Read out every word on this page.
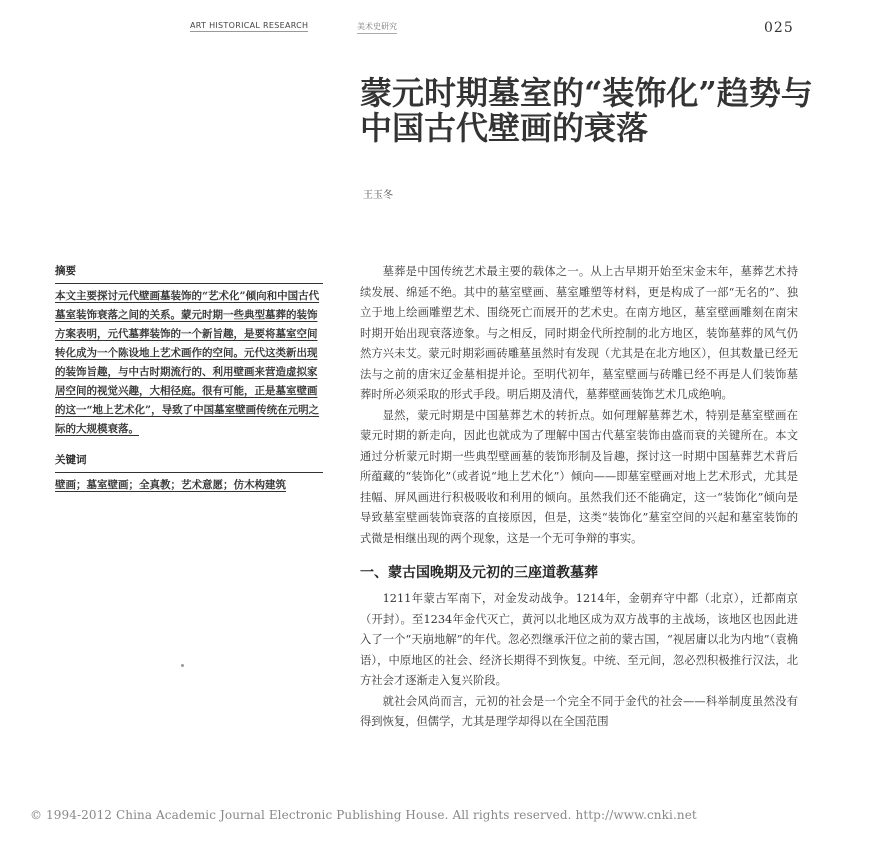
ART HISTORICAL RESEARCH	美术史研究	025
蒙元时期墓室的“装饰化”趋势与中国古代壁画的衰落
王玉冬
摘要

本文主要探讨元代壁画墓装饰的“艺术化”倾向和中国古代墓室装饰衰落之间的关系。蒙元时期一些典型墓葬的装饰方案表明，元代墓葬装饰的一个新旨趣，是要将墓室空间转化成为一个陈设地上艺术画作的空间。元代这类新出现的装饰旨趣，与中古时期流行的、利用壁画来营造虚拟家居空间的视觉兴趣，大相径庭。很有可能，正是墓室壁画的这一“地上艺术化”，导致了中国墓室壁画传统在元明之际的大规模衰落。

关键词

壁画；墓室壁画；全真教；艺术意愿；仿木构建筑

墓葬是中国传统艺术最主要的载体之一。从上古早期开始至宋金末年，墓葬艺术持续发展、绵延不绝。其中的墓室壁画、墓室雕塑等材料，更是构成了一部“无名的”、独立于地上绘画雕塑艺术、围绕死亡而展开的艺术史。在南方地区，墓室壁画雕刻在南宋时期开始出现衰落迹象。与之相反，同时期金代所控制的北方地区，装饰墓葬的风气仍然方兴未艾。蒙元时期彩画砖雕墓虽然时有发现（尤其是在北方地区），但其数量已经无法与之前的唐宋辽金墓相提并论。至明代初年，墓室壁画与砖雕已经不再是人们装饰墓葬时所必须采取的形式手段。明后期及清代，墓葬壁画装饰艺术几成绝响。

显然，蒙元时期是中国墓葬艺术的转折点。如何理解墓葬艺术，特别是墓室壁画在蒙元时期的新走向，因此也就成为了理解中国古代墓室装饰由盛而衰的关键所在。本文通过分析蒙元时期一些典型壁画墓的装饰形制及旨趣，探讨这一时期中国墓葬艺术背后所蕴藏的“装饰化”（或者说“地上艺术化”）倾向——即墓室壁画对地上艺术形式，尤其是挂幅、屏风画进行积极吸收和利用的倾向。虽然我们还不能确定，这一“装饰化”倾向是导致墓室壁画装饰衰落的直接原因，但是，这类“装饰化”墓室空间的兴起和墓室装饰的式微是相继出现的两个现象，这是一个无可争辩的事实。

一、蒙古国晚期及元初的三座道教墓葬

1211年蒙古军南下，对金发动战争。1214年，金朝弃守中都（北京），迁都南京（开封）。至1234年金代灭亡，黄河以北地区成为双方战事的主战场，该地区也因此进入了一个“天崩地解”的年代。忽必烈继承汗位之前的蒙古国，“视居庸以北为内地”（袁桷语），中原地区的社会、经济长期得不到恢复。中统、至元间，忽必烈积极推行汉法，北方社会才逐渐走入复兴阶段。

就社会风尚而言，元初的社会是一个完全不同于金代的社会——科举制度虽然没有得到恢复，但儒学，尤其是理学却得以在全国范围

© 1994-2012 China Academic Journal Electronic Publishing House. All rights reserved. http://www.cnki.net
